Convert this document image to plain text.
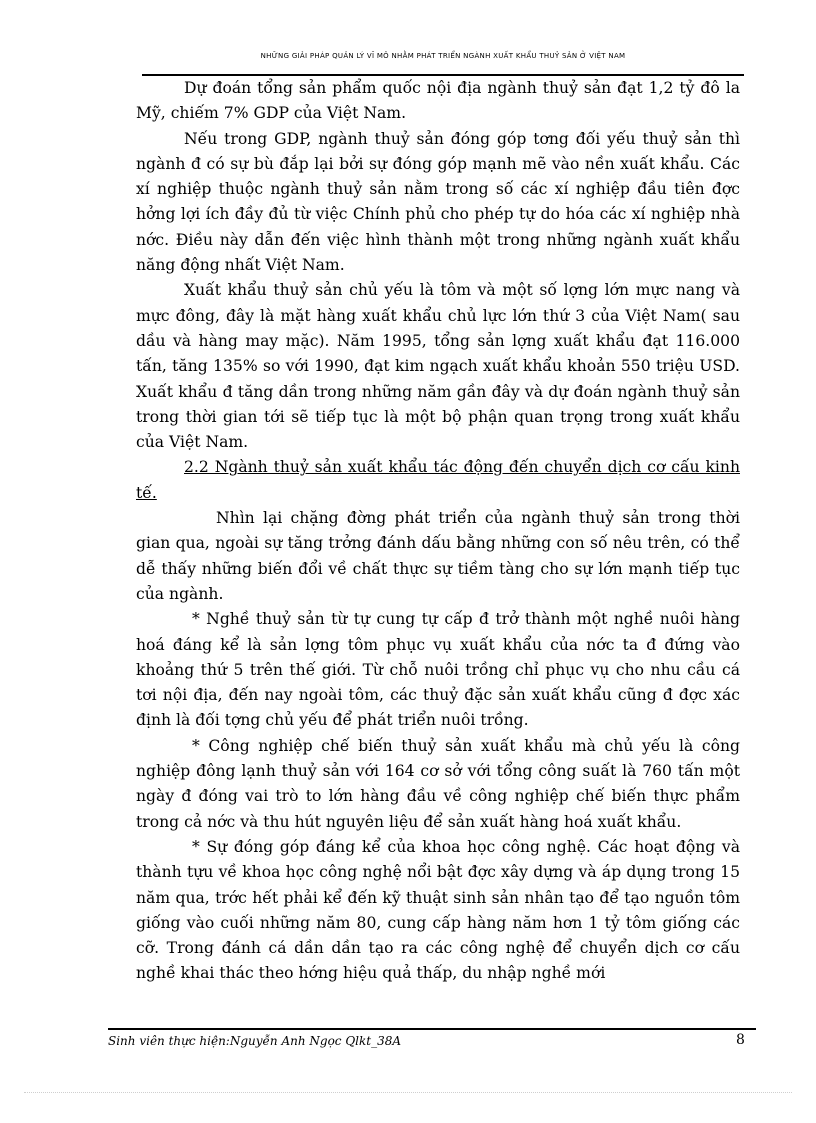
NHỮNG GIẢI PHÁP QUẢN LÝ VĨ MÔ NHẰM PHÁT TRIỂN NGÀNH XUẤT KHẨU THUỶ SẢN Ở VIỆT NAM

Dự đoán tổng sản phẩm quốc nội địa ngành thuỷ sản đạt 1,2 tỷ đô la Mỹ, chiếm 7% GDP của Việt Nam.

Nếu trong GDP, ngành thuỷ sản đóng góp tơng đối yếu thuỷ sản thì ngành đ có sự bù đắp lại bởi sự đóng góp mạnh mẽ vào nền xuất khẩu. Các xí nghiệp thuộc ngành thuỷ sản nằm trong số các xí nghiệp đầu tiên đợc hởng lợi ích đầy đủ từ việc Chính phủ cho phép tự do hóa các xí nghiệp nhà nớc. Điều này dẫn đến việc hình thành một trong những ngành xuất khẩu năng động nhất Việt Nam.

Xuất khẩu thuỷ sản chủ yếu là tôm và một số lợng lớn mực nang và mực đông, đây là mặt hàng xuất khẩu chủ lực lớn thứ 3 của Việt Nam( sau dầu và hàng may mặc). Năm 1995, tổng sản lợng xuất khẩu đạt 116.000 tấn, tăng 135% so với 1990, đạt kim ngạch xuất khẩu khoản 550 triệu USD. Xuất khẩu đ tăng dần trong những năm gần đây và dự đoán ngành thuỷ sản trong thời gian tới sẽ tiếp tục là một bộ phận quan trọng trong xuất khẩu của Việt Nam.

2.2 Ngành thuỷ sản xuất khẩu tác động đến chuyển dịch cơ cấu kinh tế.

Nhìn lại chặng đờng phát triển của ngành thuỷ sản trong thời gian qua, ngoài sự tăng trởng đánh dấu bằng những con số nêu trên, có thể dễ thấy những biến đổi về chất thực sự tiềm tàng cho sự lớn mạnh tiếp tục của ngành.

* Nghề thuỷ sản từ tự cung tự cấp đ trở thành một nghề nuôi hàng hoá đáng kể là sản lợng tôm phục vụ xuất khẩu của nớc ta đ đứng vào khoảng thứ 5 trên thế giới. Từ chỗ nuôi trồng chỉ phục vụ cho nhu cầu cá tơi nội địa, đến nay ngoài tôm, các thuỷ đặc sản xuất khẩu cũng đ đợc xác định là đối tợng chủ yếu để phát triển nuôi trồng.

* Công nghiệp chế biến thuỷ sản xuất khẩu mà chủ yếu là công nghiệp đông lạnh thuỷ sản với 164 cơ sở với tổng công suất là 760 tấn một ngày đ đóng vai trò to lớn hàng đầu về công nghiệp chế biến thực phẩm trong cả nớc và thu hút nguyên liệu để sản xuất hàng hoá xuất khẩu.

* Sự đóng góp đáng kể của khoa học công nghệ. Các hoạt động và thành tựu về khoa học công nghệ nổi bật đợc xây dựng và áp dụng trong 15 năm qua, trớc hết phải kể đến kỹ thuật sinh sản nhân tạo để tạo nguồn tôm giống vào cuối những năm 80, cung cấp hàng năm hơn 1 tỷ tôm giống các cỡ. Trong đánh cá dần dần tạo ra các công nghệ để chuyển dịch cơ cấu nghề khai thác theo hớng hiệu quả thấp, du nhập nghề mới

Sinh viên thực hiện:Nguyễn Anh Ngọc Qlkt_38A	8
